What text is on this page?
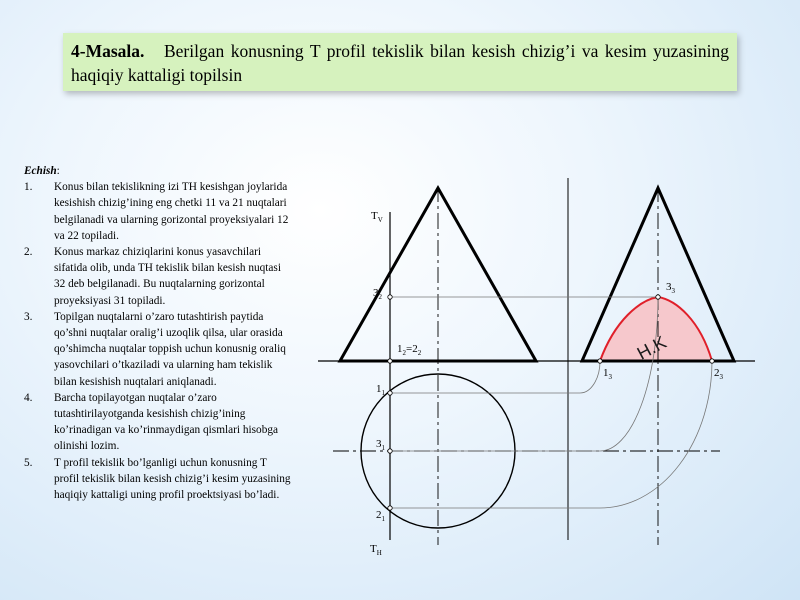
4-Masala. Berilgan konusning T profil tekislik bilan kesish chizig’i va kesim yuzasining haqiqiy kattaligi topilsin
Echish:
1.	Konus bilan tekislikning izi TH kesishgan joylarida kesishish chizig’ining eng chetki 11 va 21 nuqtalari belgilanadi va ularning gorizontal proyeksiyalari 12 va 22 topiladi.
2.	Konus markaz chiziqlarini konus yasavchilari sifatida olib, unda TH tekislik bilan kesish nuqtasi 32 deb belgilanadi. Bu nuqtalarning gorizontal proyeksiyasi 31 topiladi.
3.	Topilgan nuqtalarni o’zaro tutashtirish paytida qo’shni nuqtalar oralig’i uzoqlik qilsa, ular orasida qo’shimcha nuqtalar toppish uchun konusnig oraliq yasovchilari o’tkaziladi va ularning ham tekislik bilan kesishish nuqtalari aniqlanadi.
4.	Barcha topilayotgan nuqtalar o’zaro tutashtirilayotganda kesishish chizig’ining ko’rinadigan va ko’rinmaydigan qismlari hisobga olinishi lozim.
5.	T profil tekislik bo’lganligi uchun konusning T profil tekislik bilan kesish chizig’i kesim yuzasining haqiqiy kattaligi uning profil proektsiyasi bo’ladi.
$T_V$
$T_H$
$3_2$
$1_2=2_2$
$1_1$
$3_1$
$2_1$
$3_3$
$1_3$	$2_3$
H.K
